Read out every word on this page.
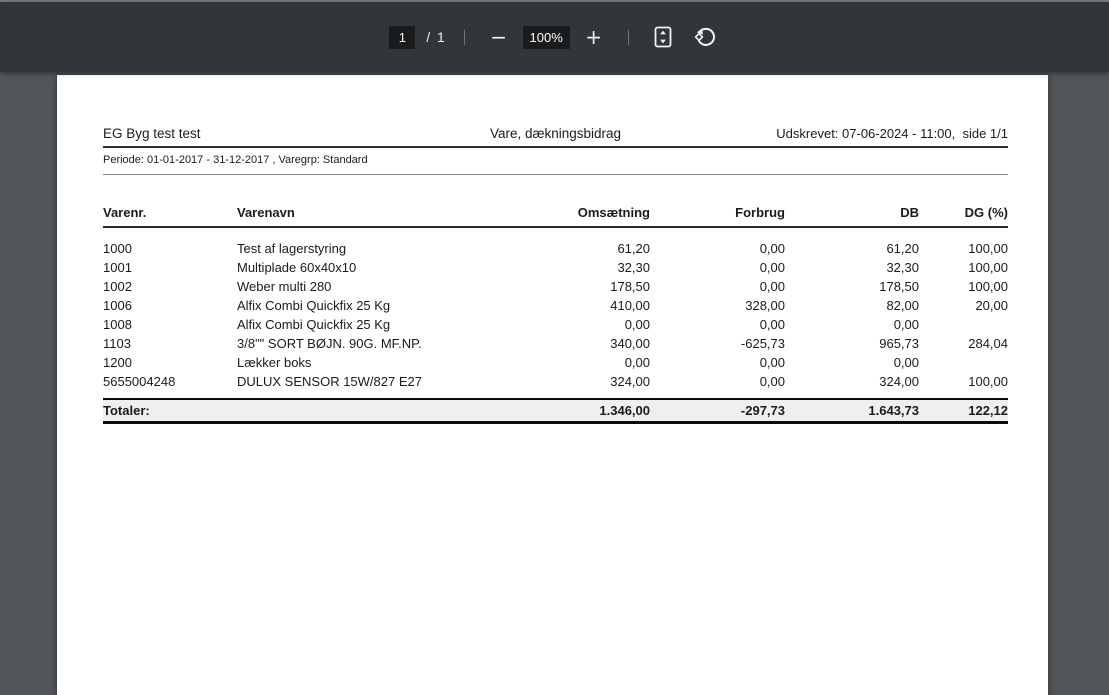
1
/ 1 −
100%	+
EG Byg test test	Vare, dækningsbidrag	Udskrevet: 07-06-2024 - 11:00,  side 1/1
Periode: 01-01-2017 - 31-12-2017 , Varegrp: Standard
Varenr.	Varenavn	Omsætning	Forbrug	DB	DG (%)
1000	Test af lagerstyring	61,20	0,00	61,20	100,00
1001	Multiplade 60x40x10	32,30	0,00	32,30	100,00
1002	Weber multi 280	178,50	0,00	178,50	100,00
1006	Alfix Combi Quickfix 25 Kg	410,00	328,00	82,00	20,00
1008	Alfix Combi Quickfix 25 Kg	0,00	0,00	0,00	
1103	3/8"" SORT BØJN. 90G. MF.NP.	340,00	-625,73	965,73	284,04
1200	Lækker boks	0,00	0,00	0,00	
5655004248	DULUX SENSOR 15W/827 E27	324,00	0,00	324,00	100,00
Totaler:		1.346,00	-297,73	1.643,73	122,12
